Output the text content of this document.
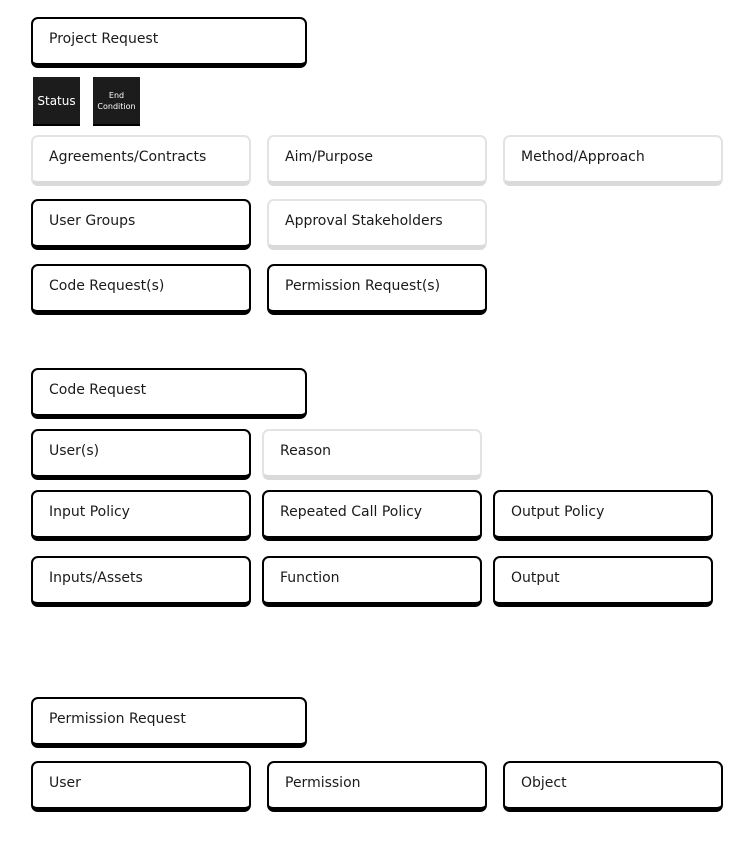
Project Request
Status	End
Condition
Agreements/Contracts	Aim/Purpose	Method/Approach
User Groups	Approval Stakeholders
Code Request(s)	Permission Request(s)
Code Request
User(s)	Reason
Input Policy	Repeated Call Policy	Output Policy
Inputs/Assets	Function	Output
Permission Request
User	Permission	Object
